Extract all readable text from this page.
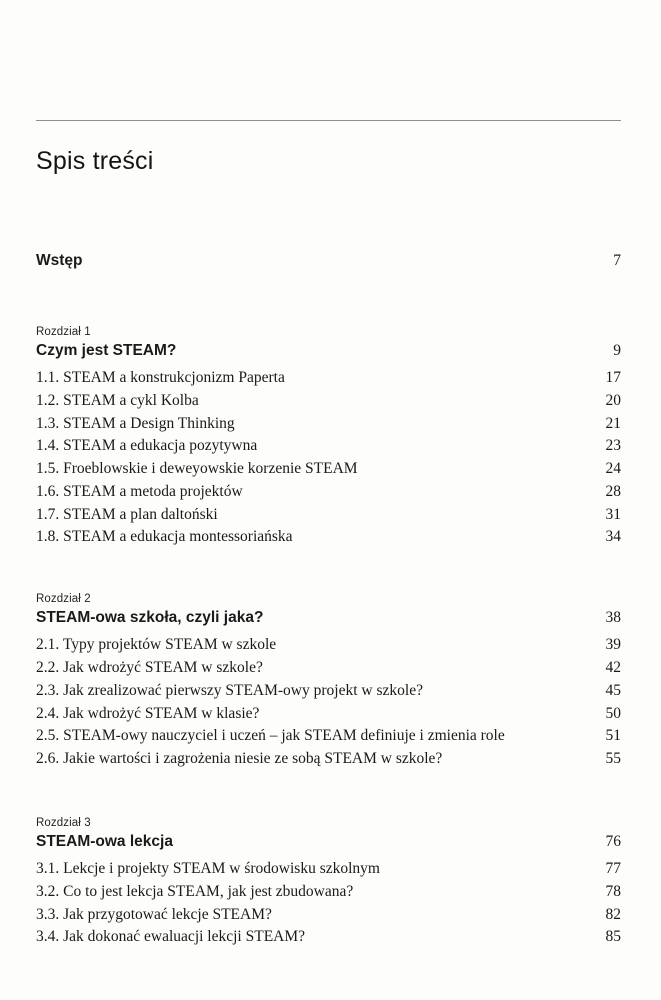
Spis treści
Wstęp	7
Rozdział 1
Czym jest STEAM?	9
1.1. STEAM a konstrukcjonizm Paperta	17
1.2. STEAM a cykl Kolba	20
1.3. STEAM a Design Thinking	21
1.4. STEAM a edukacja pozytywna	23
1.5. Froeblowskie i deweyowskie korzenie STEAM	24
1.6. STEAM a metoda projektów	28
1.7. STEAM a plan daltoński	31
1.8. STEAM a edukacja montessoriańska	34
Rozdział 2
STEAM-owa szkoła, czyli jaka?	38
2.1. Typy projektów STEAM w szkole	39
2.2. Jak wdrożyć STEAM w szkole?	42
2.3. Jak zrealizować pierwszy STEAM-owy projekt w szkole?	45
2.4. Jak wdrożyć STEAM w klasie?	50
2.5. STEAM-owy nauczyciel i uczeń – jak STEAM definiuje i zmienia role	51
2.6. Jakie wartości i zagrożenia niesie ze sobą STEAM w szkole?	55
Rozdział 3
STEAM-owa lekcja	76
3.1. Lekcje i projekty STEAM w środowisku szkolnym	77
3.2. Co to jest lekcja STEAM, jak jest zbudowana?	78
3.3. Jak przygotować lekcje STEAM?	82
3.4. Jak dokonać ewaluacji lekcji STEAM?	85
